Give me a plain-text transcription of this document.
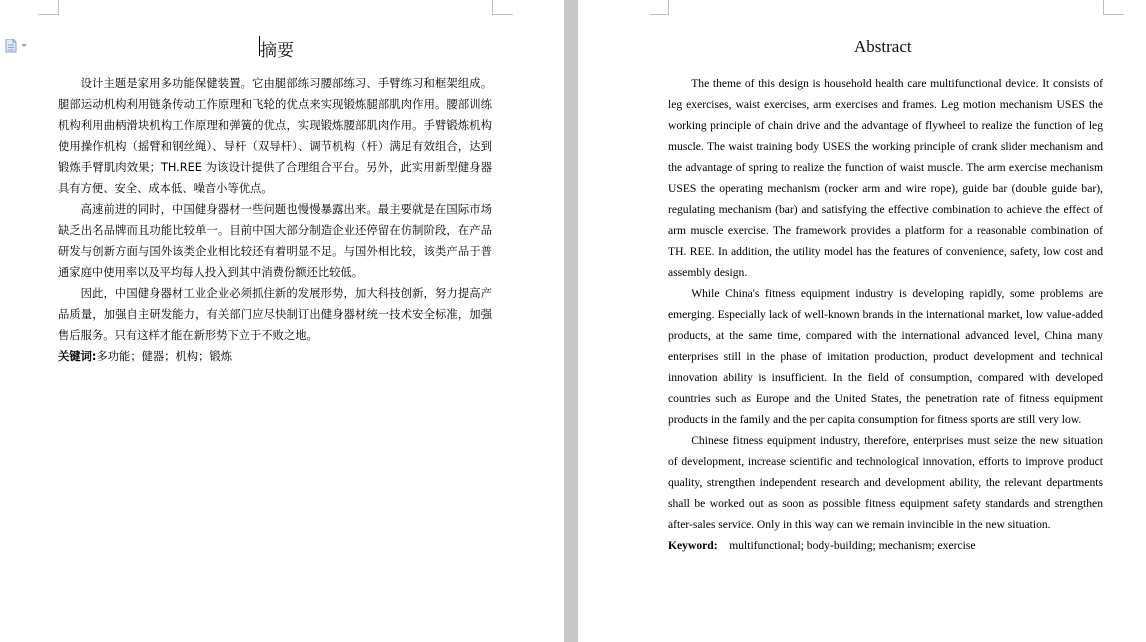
摘要

设计主题是家用多功能保健装置。它由腿部练习腰部练习、手臂练习和框架组成。腿部运动机构利用链条传动工作原理和飞轮的优点来实现锻炼腿部肌肉作用。腰部训练机构利用曲柄滑块机构工作原理和弹簧的优点，实现锻炼腰部肌肉作用。手臂锻炼机构使用操作机构（摇臂和钢丝绳）、导杆（双导杆）、调节机构（杆）满足有效组合，达到锻炼手臂肌肉效果；TH.REE 为该设计提供了合理组合平台。另外，此实用新型健身器具有方便、安全、成本低、噪音小等优点。

高速前进的同时，中国健身器材一些问题也慢慢暴露出来。最主要就是在国际市场缺乏出名品牌而且功能比较单一。目前中国大部分制造企业还停留在仿制阶段，在产品研发与创新方面与国外该类企业相比较还有着明显不足。与国外相比较，该类产品于普通家庭中使用率以及平均每人投入到其中消费份额还比较低。

因此，中国健身器材工业企业必须抓住新的发展形势，加大科技创新，努力提高产品质量，加强自主研发能力，有关部门应尽快制订出健身器材统一技术安全标准，加强售后服务。只有这样才能在新形势下立于不败之地。

关键词:多功能；健器；机构；锻炼

Abstract

The theme of this design is household health care multifunctional device. It consists of leg exercises, waist exercises, arm exercises and frames. Leg motion mechanism USES the working principle of chain drive and the advantage of flywheel to realize the function of leg muscle. The waist training body USES the working principle of crank slider mechanism and the advantage of spring to realize the function of waist muscle. The arm exercise mechanism USES the operating mechanism (rocker arm and wire rope), guide bar (double guide bar), regulating mechanism (bar) and satisfying the effective combination to achieve the effect of arm muscle exercise. The framework provides a platform for a reasonable combination of TH. REE. In addition, the utility model has the features of convenience, safety, low cost and assembly design.

While China's fitness equipment industry is developing rapidly, some problems are emerging. Especially lack of well-known brands in the international market, low value-added products, at the same time, compared with the international advanced level, China many enterprises still in the phase of imitation production, product development and technical innovation ability is insufficient. In the field of consumption, compared with developed countries such as Europe and the United States, the penetration rate of fitness equipment products in the family and the per capita consumption for fitness sports are still very low.

Chinese fitness equipment industry, therefore, enterprises must seize the new situation of development, increase scientific and technological innovation, efforts to improve product quality, strengthen independent research and development ability, the relevant departments shall be worked out as soon as possible fitness equipment safety standards and strengthen after-sales service. Only in this way can we remain invincible in the new situation.

Keyword: multifunctional; body-building; mechanism; exercise
